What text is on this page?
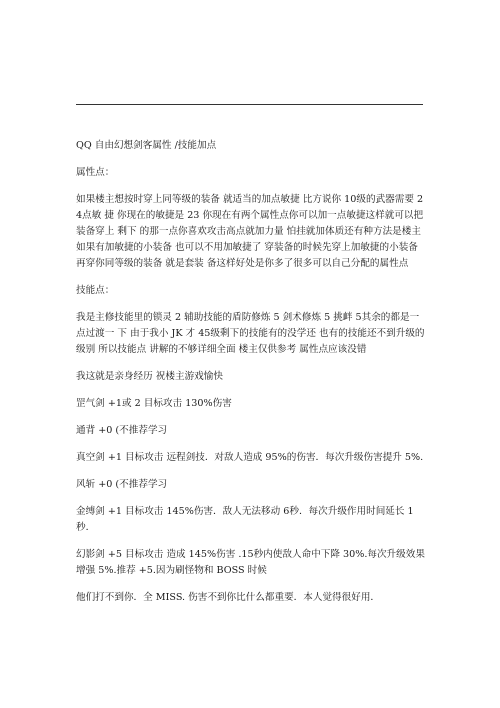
QQ 自由幻想剑客属性 /技能加点

属性点：

如果楼主想按时穿上同等级的装备 就适当的加点敏捷 比方说你 10级的武器需要 24点敏 捷 你现在的敏捷是 23 你现在有两个属性点你可以加一点敏捷这样就可以把装备穿上 剩下 的那一点你喜欢攻击高点就加力量 怕挂就加体质还有种方法是楼主如果有加敏捷的小装备 也可以不用加敏捷了 穿装备的时候先穿上加敏捷的小装备再穿你同等级的装备 就是套装 备这样好处是你多了很多可以自己分配的属性点

技能点：

我是主修技能里的锁灵 2 辅助技能的盾防修炼 5 剑术修炼 5 挑衅 5其余的都是一点过渡一 下 由于我小 JK 才 45级剩下的技能有的没学还 也有的技能还不到升级的级别 所以技能点 讲解的不够详细全面 楼主仅供参考 属性点应该没错

我这就是亲身经历 祝楼主游戏愉快

罡气剑 +1或 2 目标攻击 130%伤害

通背 +0 (不推荐学习

真空剑 +1 目标攻击 远程剑技．对敌人造成 95%的伤害．每次升级伤害提升 5%.

风斩 +0 (不推荐学习

金缚剑 +1 目标攻击 145%伤害．敌人无法移动 6秒．每次升级作用时间延长 1秒．

幻影剑 +5 目标攻击 造成 145%伤害 .15秒内使敌人命中下降 30%.每次升级效果增强 5%.推荐 +5.因为刷怪物和 BOSS 时候

他们打不到你．全 MISS. 伤害不到你比什么都重要．本人觉得很好用．
